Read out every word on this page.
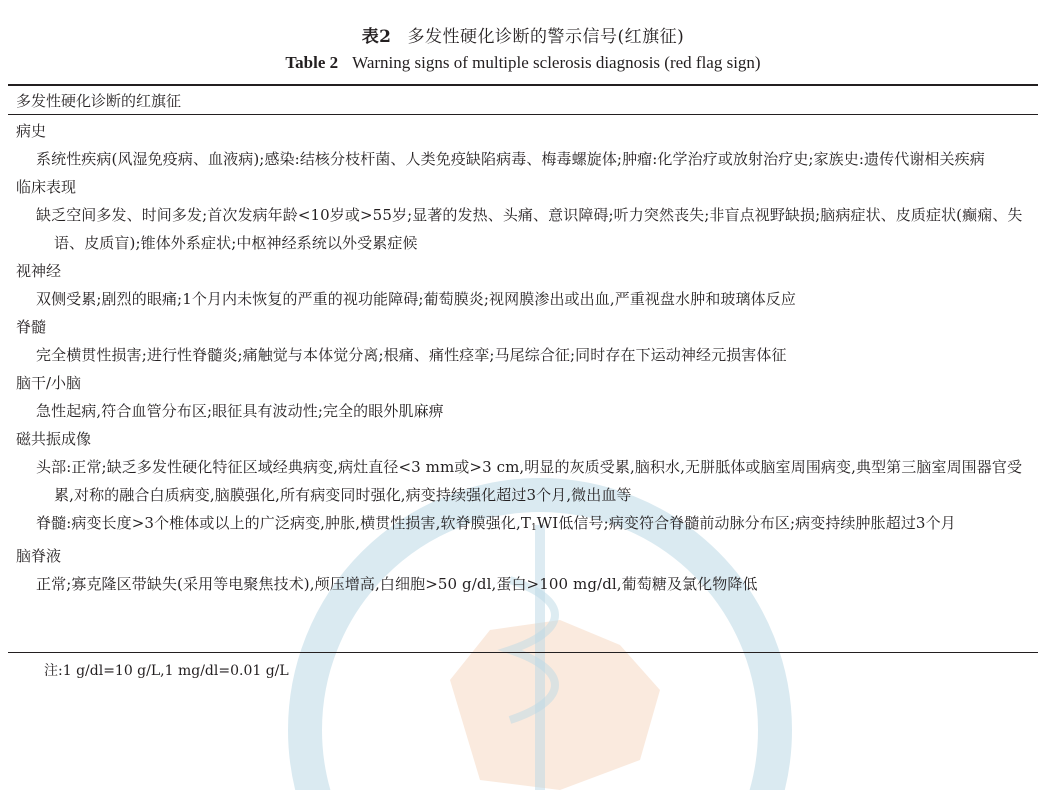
表2 多发性硬化诊断的警示信号(红旗征)
Table 2 Warning signs of multiple sclerosis diagnosis (red flag sign)
多发性硬化诊断的红旗征
病史
系统性疾病(风湿免疫病、血液病);感染:结核分枝杆菌、人类免疫缺陷病毒、梅毒螺旋体;肿瘤:化学治疗或放射治疗史;家族史:遗传代谢相关疾病
临床表现
缺乏空间多发、时间多发;首次发病年龄<10岁或>55岁;显著的发热、头痛、意识障碍;听力突然丧失;非盲点视野缺损;脑病症状、皮质症状(癫痫、失语、皮质盲);锥体外系症状;中枢神经系统以外受累症候
视神经
双侧受累;剧烈的眼痛;1个月内未恢复的严重的视功能障碍;葡萄膜炎;视网膜渗出或出血,严重视盘水肿和玻璃体反应
脊髓
完全横贯性损害;进行性脊髓炎;痛触觉与本体觉分离;根痛、痛性痉挛;马尾综合征;同时存在下运动神经元损害体征
脑干/小脑
急性起病,符合血管分布区;眼征具有波动性;完全的眼外肌麻痹
磁共振成像
头部:正常;缺乏多发性硬化特征区域经典病变,病灶直径<3 mm或>3 cm,明显的灰质受累,脑积水,无胼胝体或脑室周围病变,典型第三脑室周围器官受累,对称的融合白质病变,脑膜强化,所有病变同时强化,病变持续强化超过3个月,微出血等
脊髓:病变长度>3个椎体或以上的广泛病变,肿胀,横贯性损害,软脊膜强化$,T_1WI$低信号;病变符合脊髓前动脉分布区;病变持续肿胀超过3个月
脑脊液
正常;寡克隆区带缺失(采用等电聚焦技术),颅压增高,白细胞>50 g/dl,蛋白>100 mg/dl,葡萄糖及氯化物降低
注:1 g/dl=10 g/L,1 mg/dl=0.01 g/L
